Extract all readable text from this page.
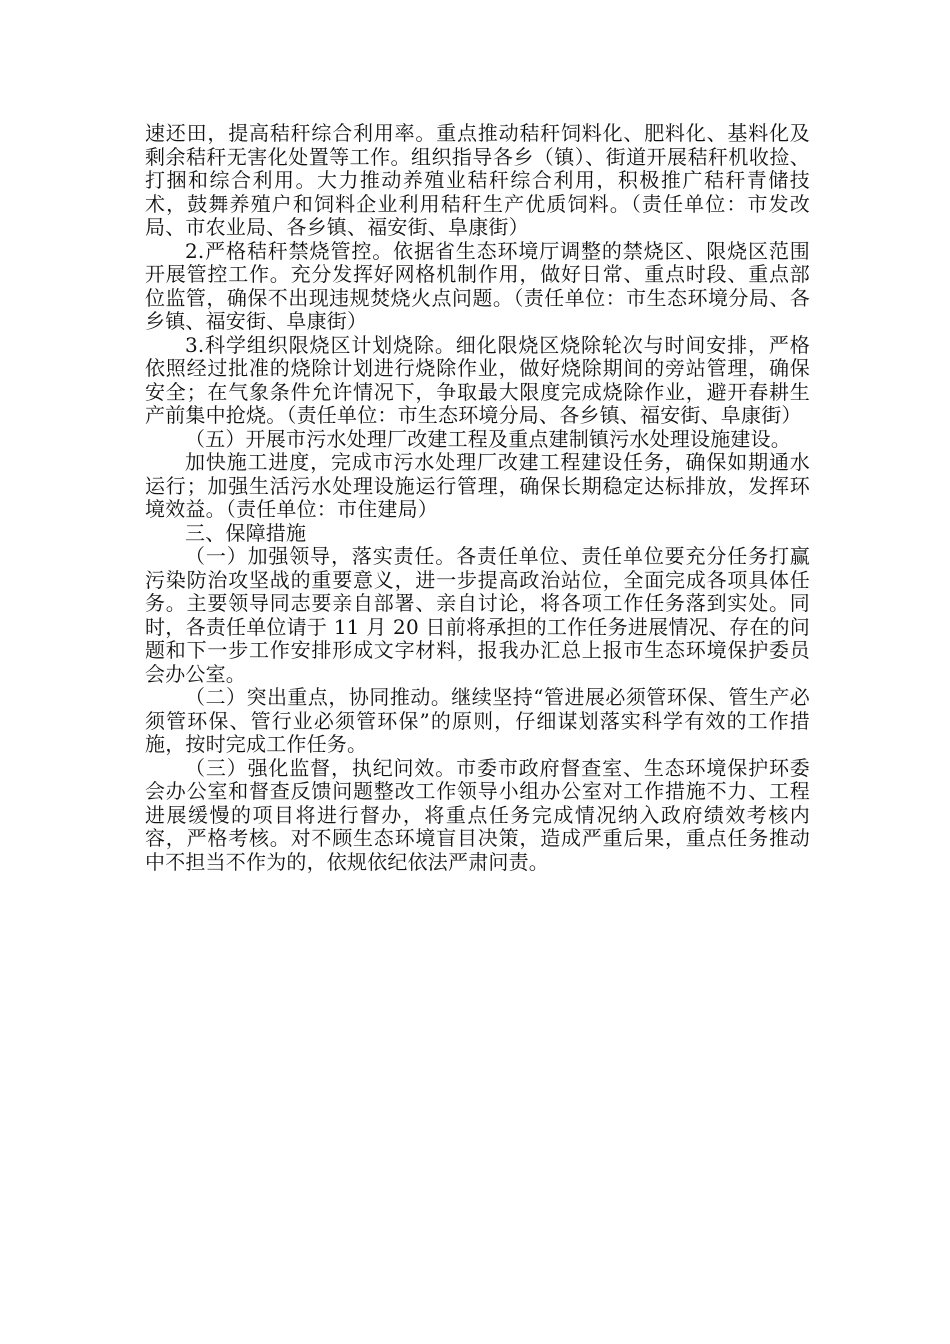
速还田，提高秸秆综合利用率。重点推动秸秆饲料化、肥料化、基料化及剩余秸秆无害化处置等工作。组织指导各乡（镇）、街道开展秸秆机收捡、打捆和综合利用。大力推动养殖业秸秆综合利用，积极推广秸秆青储技术，鼓舞养殖户和饲料企业利用秸秆生产优质饲料。（责任单位：市发改局、市农业局、各乡镇、福安街、阜康街）

2.严格秸秆禁烧管控。依据省生态环境厅调整的禁烧区、限烧区范围开展管控工作。充分发挥好网格机制作用，做好日常、重点时段、重点部位监管，确保不出现违规焚烧火点问题。（责任单位：市生态环境分局、各乡镇、福安街、阜康街）

3.科学组织限烧区计划烧除。细化限烧区烧除轮次与时间安排，严格依照经过批准的烧除计划进行烧除作业，做好烧除期间的旁站管理，确保安全；在气象条件允许情况下，争取最大限度完成烧除作业，避开春耕生产前集中抢烧。（责任单位：市生态环境分局、各乡镇、福安街、阜康街）

（五）开展市污水处理厂改建工程及重点建制镇污水处理设施建设。

加快施工进度，完成市污水处理厂改建工程建设任务，确保如期通水运行；加强生活污水处理设施运行管理，确保长期稳定达标排放，发挥环境效益。（责任单位：市住建局）

三、保障措施

（一）加强领导，落实责任。各责任单位、责任单位要充分任务打赢污染防治攻坚战的重要意义，进一步提高政治站位，全面完成各项具体任务。主要领导同志要亲自部署、亲自讨论，将各项工作任务落到实处。同时，各责任单位请于 11 月 20 日前将承担的工作任务进展情况、存在的问题和下一步工作安排形成文字材料，报我办汇总上报市生态环境保护委员会办公室。

（二）突出重点，协同推动。继续坚持“管进展必须管环保、管生产必须管环保、管行业必须管环保”的原则，仔细谋划落实科学有效的工作措施，按时完成工作任务。

（三）强化监督，执纪问效。市委市政府督查室、生态环境保护环委会办公室和督查反馈问题整改工作领导小组办公室对工作措施不力、工程进展缓慢的项目将进行督办，将重点任务完成情况纳入政府绩效考核内容，严格考核。对不顾生态环境盲目决策，造成严重后果，重点任务推动中不担当不作为的，依规依纪依法严肃问责。
